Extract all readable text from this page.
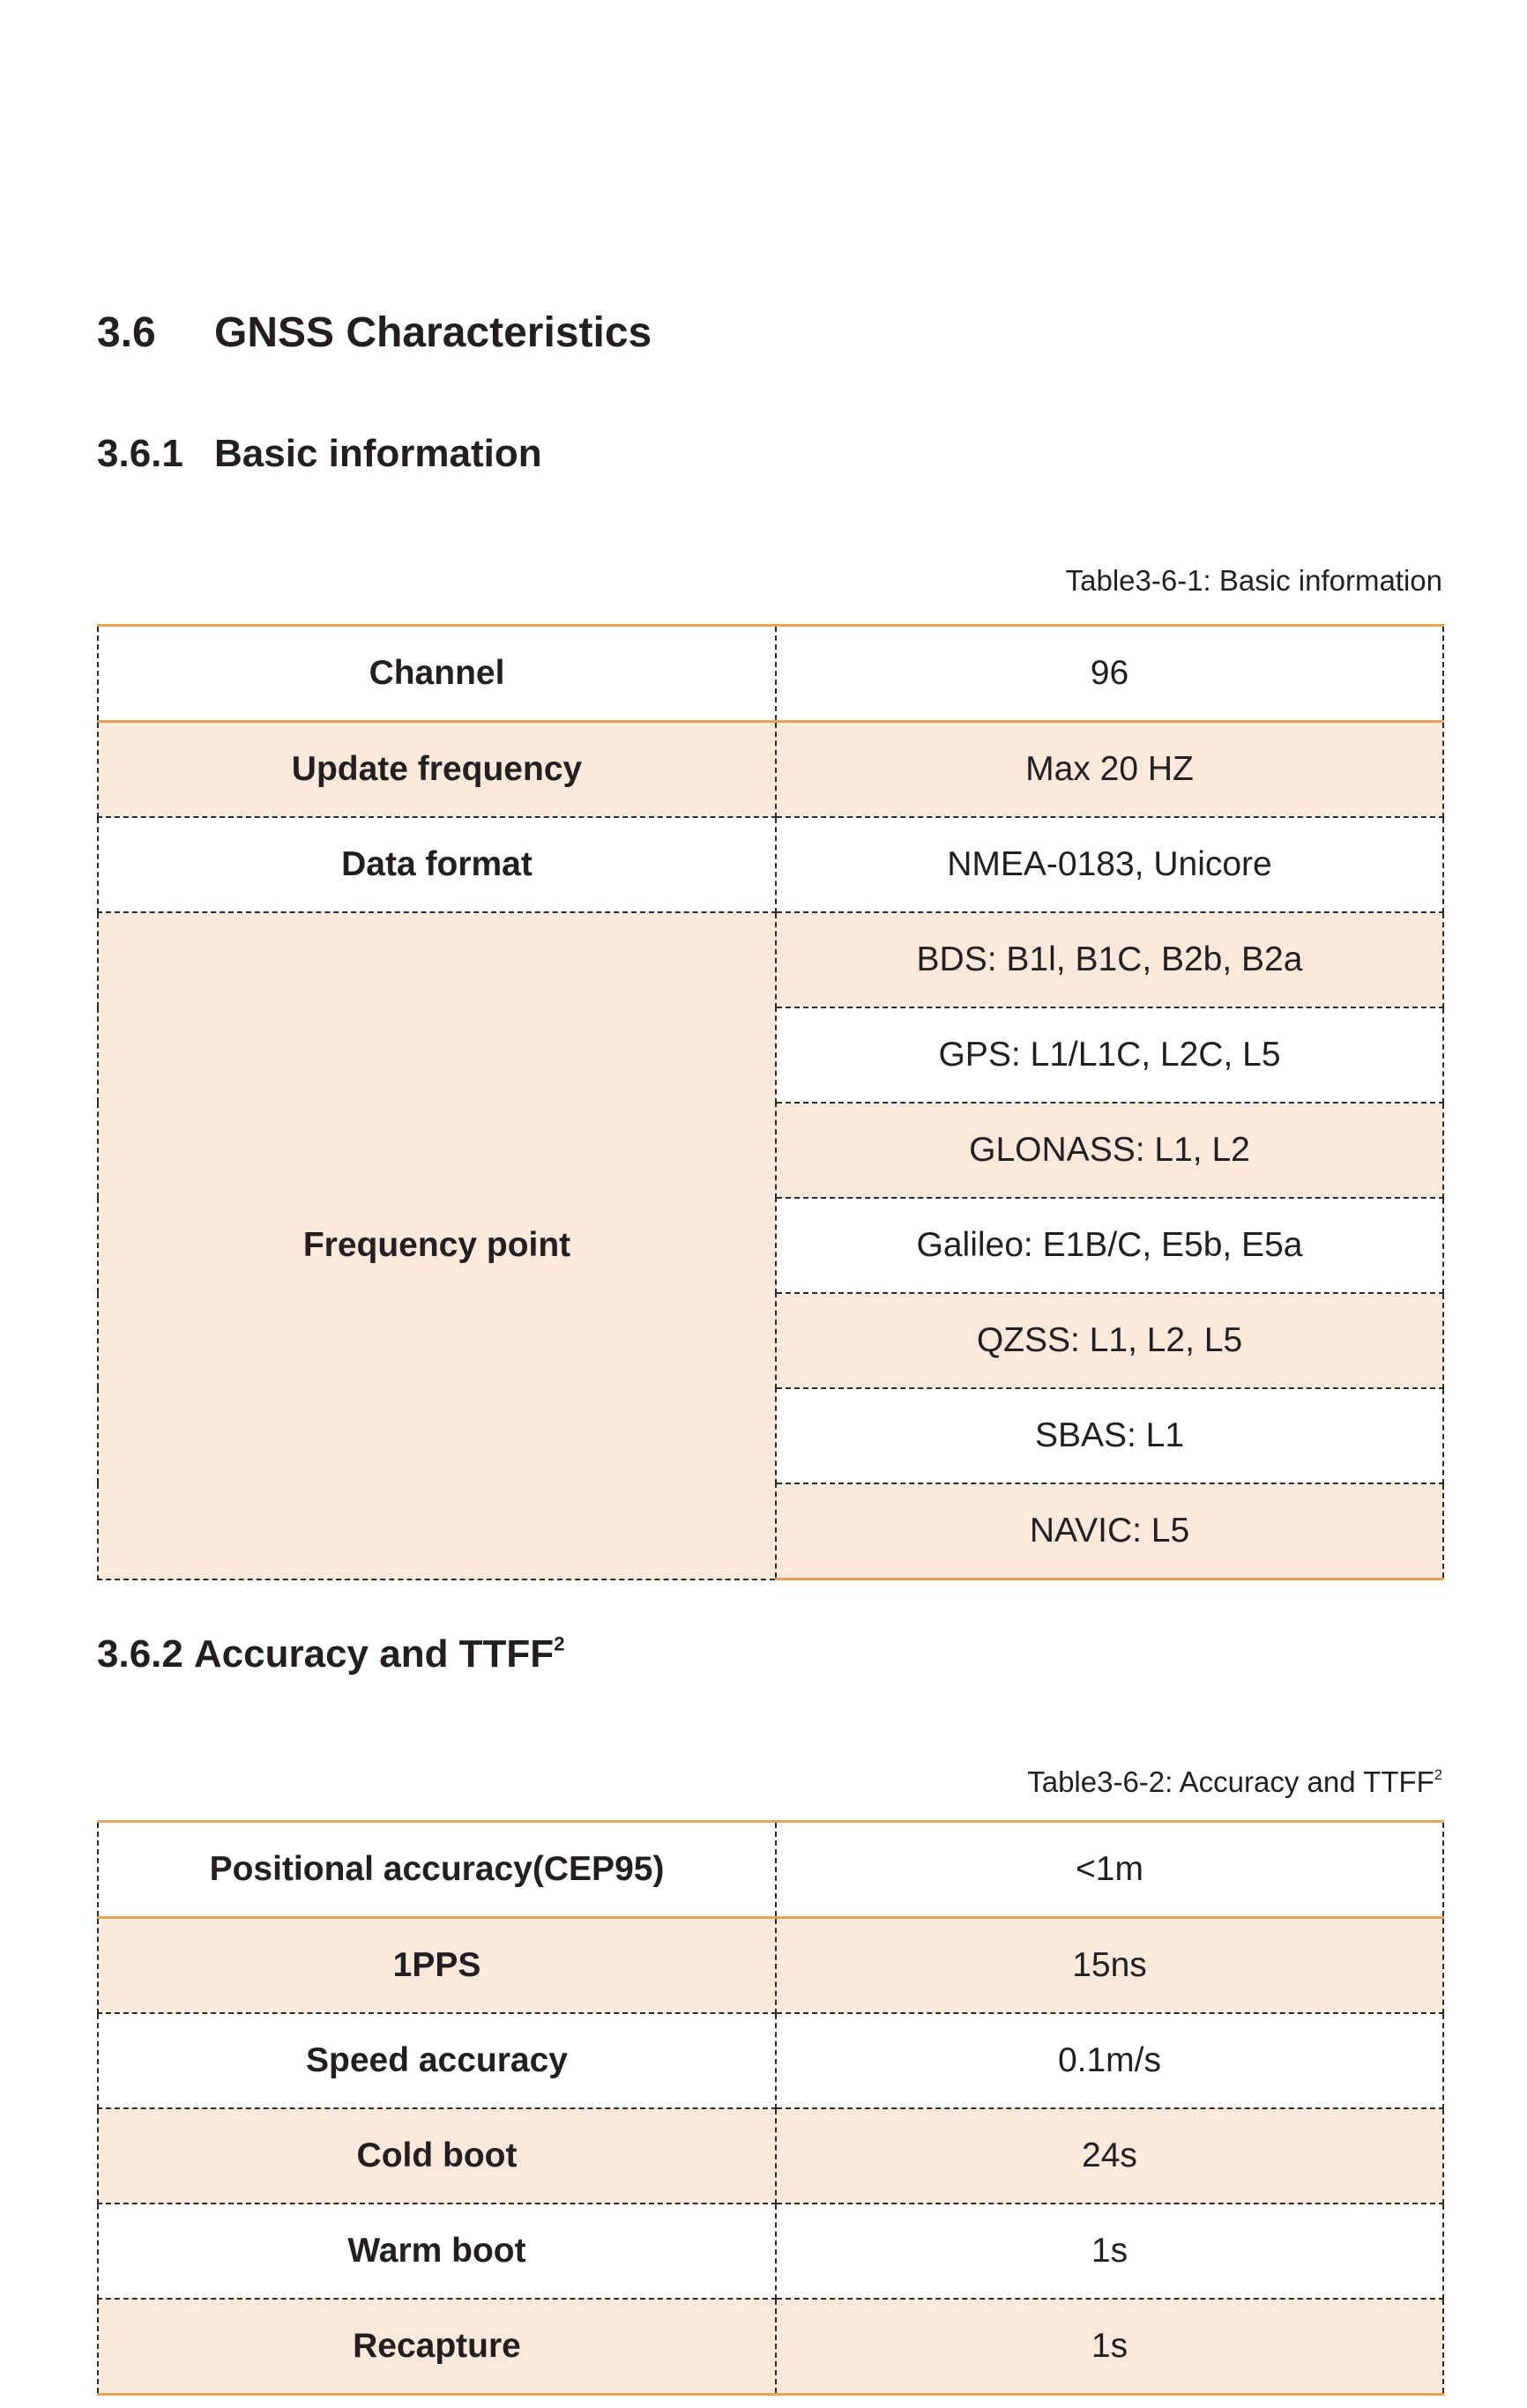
3.6 GNSS Characteristics
3.6.1 Basic information
Table3-6-1: Basic information
Channel	96
Update frequency	Max 20 HZ
Data format	NMEA-0183, Unicore
Frequency point	BDS: B1l, B1C, B2b, B2a
	GPS: L1/L1C, L2C, L5
	GLONASS: L1, L2
	Galileo: E1B/C, E5b, E5a
	QZSS: L1, L2, L5
	SBAS: L1
	NAVIC: L5
3.6.2 Accuracy and TTFF$^2$
Table3-6-2: Accuracy and TTFF$^2$
Positional accuracy(CEP95)	<1m
1PPS	15ns
Speed accuracy	0.1m/s
Cold boot	24s
Warm boot	1s
Recapture	1s
